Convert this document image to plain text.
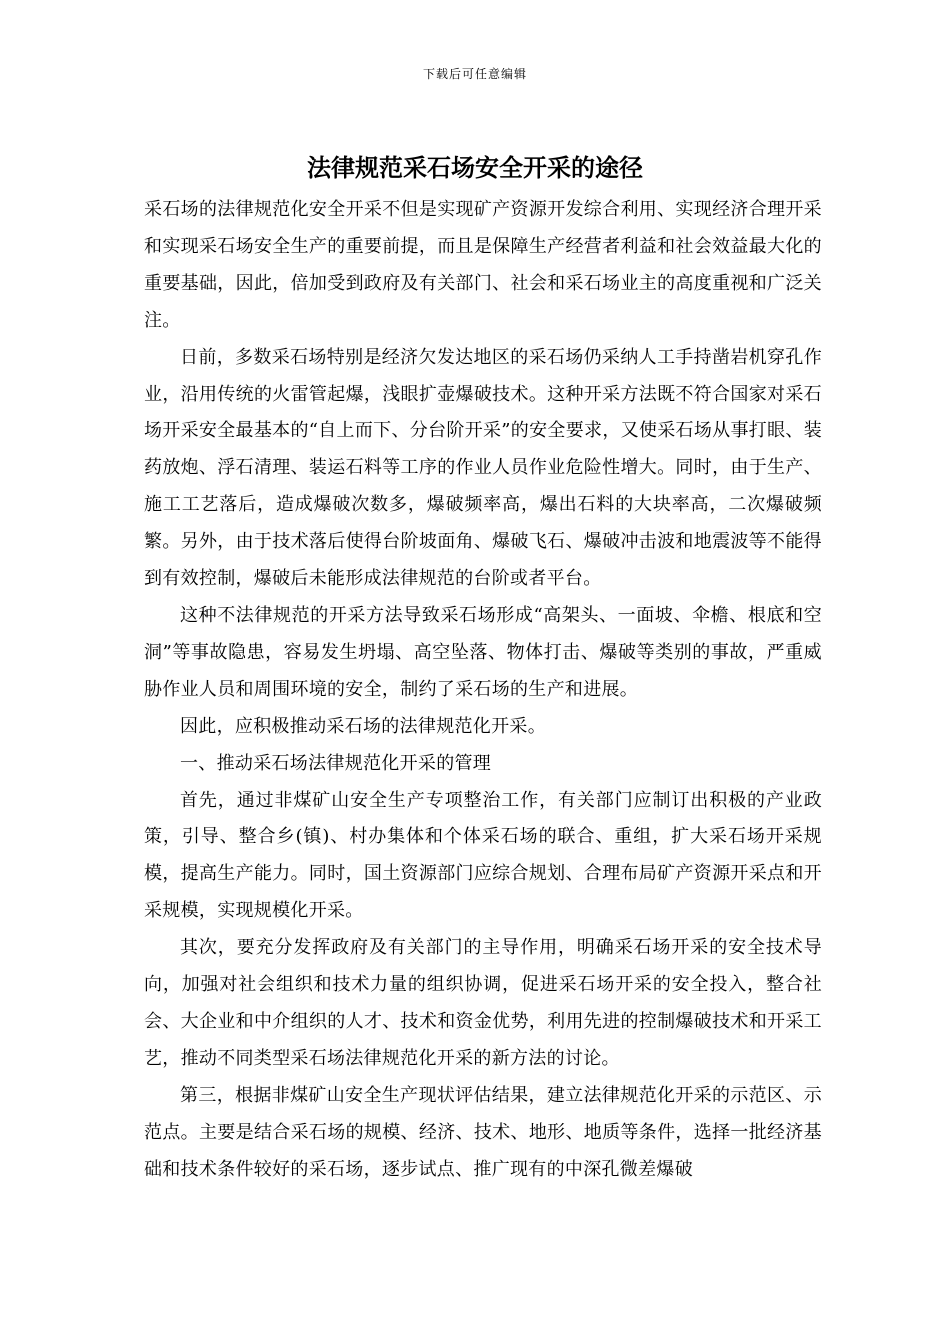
下载后可任意编辑
法律规范采石场安全开采的途径

采石场的法律规范化安全开采不但是实现矿产资源开发综合利用、实现经济合理开采和实现采石场安全生产的重要前提，而且是保障生产经营者利益和社会效益最大化的重要基础，因此，倍加受到政府及有关部门、社会和采石场业主的高度重视和广泛关注。

日前，多数采石场特别是经济欠发达地区的采石场仍采纳人工手持凿岩机穿孔作业，沿用传统的火雷管起爆，浅眼扩壶爆破技术。这种开采方法既不符合国家对采石场开采安全最基本的“自上而下、分台阶开采”的安全要求，又使采石场从事打眼、装药放炮、浮石清理、装运石料等工序的作业人员作业危险性增大。同时，由于生产、施工工艺落后，造成爆破次数多，爆破频率高，爆出石料的大块率高，二次爆破频繁。另外，由于技术落后使得台阶坡面角、爆破飞石、爆破冲击波和地震波等不能得到有效控制，爆破后未能形成法律规范的台阶或者平台。

这种不法律规范的开采方法导致采石场形成“高架头、一面坡、伞檐、根底和空洞”等事故隐患，容易发生坍塌、高空坠落、物体打击、爆破等类别的事故，严重威胁作业人员和周围环境的安全，制约了采石场的生产和进展。

因此，应积极推动采石场的法律规范化开采。

一、推动采石场法律规范化开采的管理

首先，通过非煤矿山安全生产专项整治工作，有关部门应制订出积极的产业政策，引导、整合乡(镇)、村办集体和个体采石场的联合、重组，扩大采石场开采规模，提高生产能力。同时，国土资源部门应综合规划、合理布局矿产资源开采点和开采规模，实现规模化开采。

其次，要充分发挥政府及有关部门的主导作用，明确采石场开采的安全技术导向，加强对社会组织和技术力量的组织协调，促进采石场开采的安全投入，整合社会、大企业和中介组织的人才、技术和资金优势，利用先进的控制爆破技术和开采工艺，推动不同类型采石场法律规范化开采的新方法的讨论。

第三，根据非煤矿山安全生产现状评估结果，建立法律规范化开采的示范区、示范点。主要是结合采石场的规模、经济、技术、地形、地质等条件，选择一批经济基础和技术条件较好的采石场，逐步试点、推广现有的中深孔微差爆破
